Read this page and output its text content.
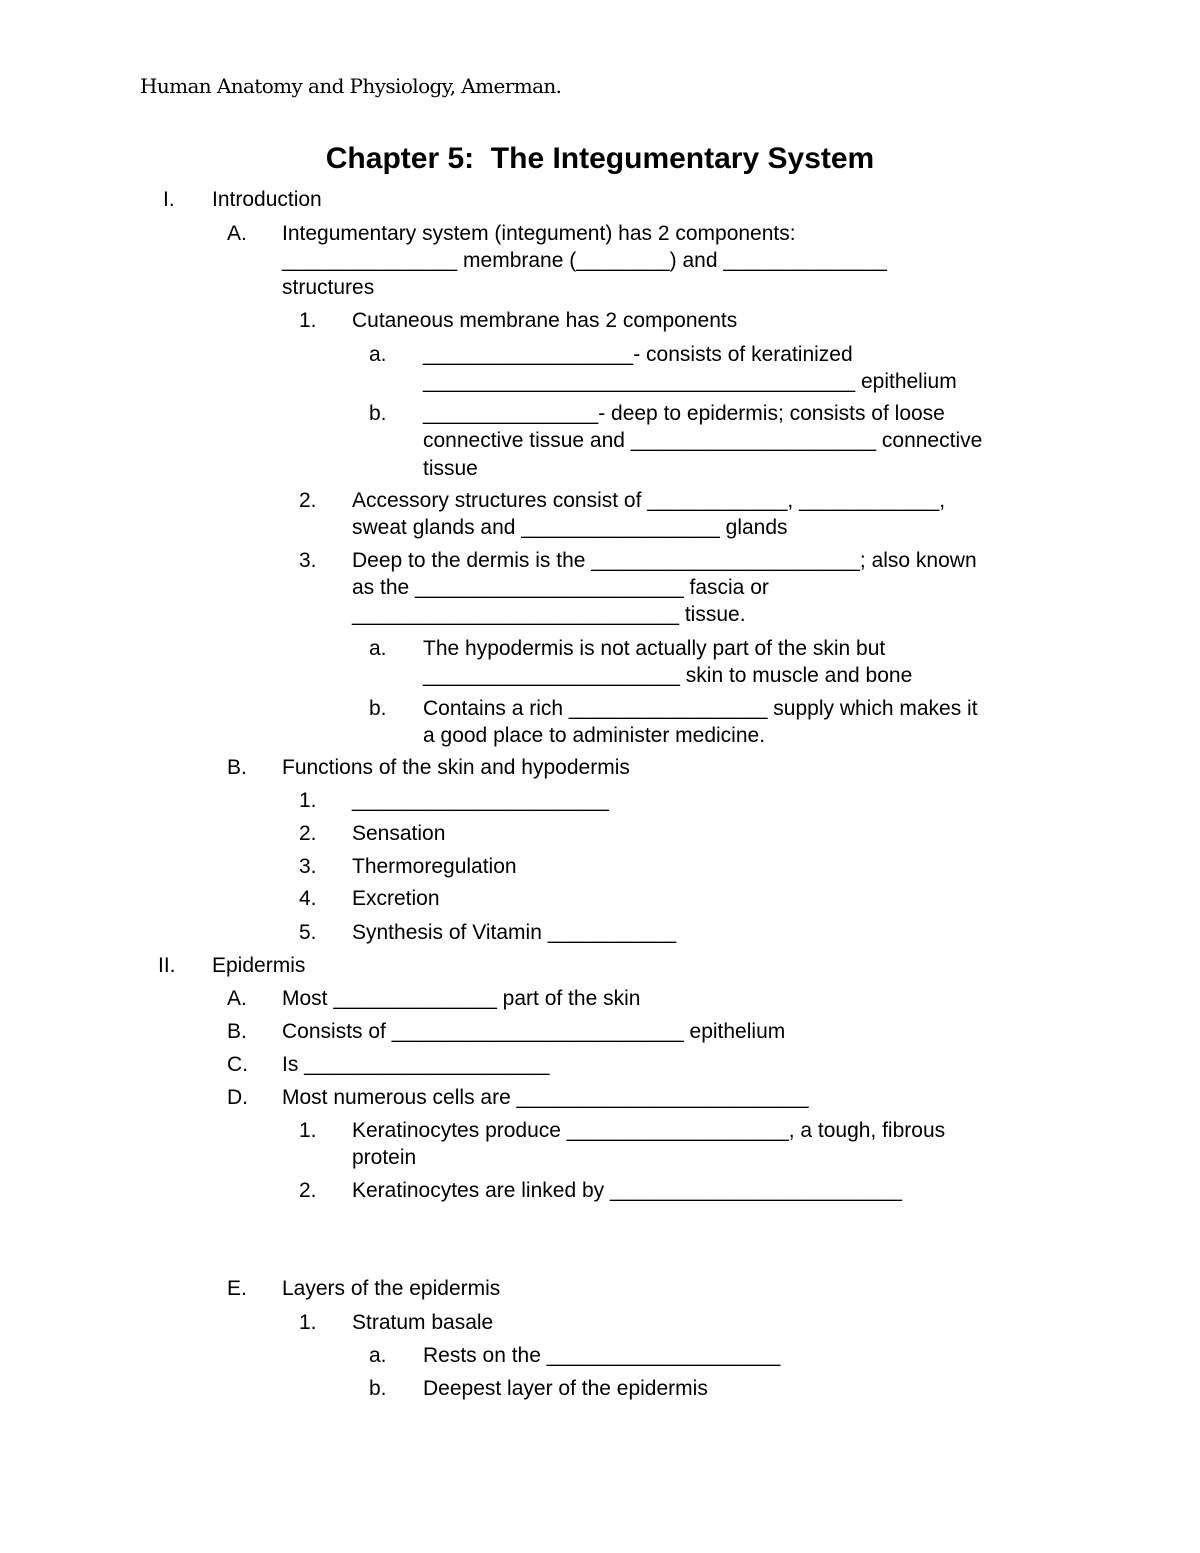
Human Anatomy and Physiology, Amerman.
Chapter 5:  The Integumentary System
I. Introduction
A. Integumentary system (integument) has 2 components:
_______________ membrane (________) and ______________
structures
1. Cutaneous membrane has 2 components
a. __________________- consists of keratinized
_____________________________________ epithelium
b. _______________- deep to epidermis; consists of loose
connective tissue and _____________________ connective
tissue
2. Accessory structures consist of ____________, ____________,
sweat glands and _________________ glands
3. Deep to the dermis is the _______________________; also known
as the _______________________ fascia or
____________________________ tissue.
a. The hypodermis is not actually part of the skin but
______________________ skin to muscle and bone
b. Contains a rich _________________ supply which makes it
a good place to administer medicine.
B. Functions of the skin and hypodermis
1. ______________________
2. Sensation
3. Thermoregulation
4. Excretion
5. Synthesis of Vitamin ___________
II. Epidermis
A. Most ______________ part of the skin
B. Consists of _________________________ epithelium
C. Is _____________________
D. Most numerous cells are _________________________
1. Keratinocytes produce ___________________, a tough, fibrous
protein
2. Keratinocytes are linked by _________________________
E. Layers of the epidermis
1. Stratum basale
a. Rests on the ____________________
b. Deepest layer of the epidermis
